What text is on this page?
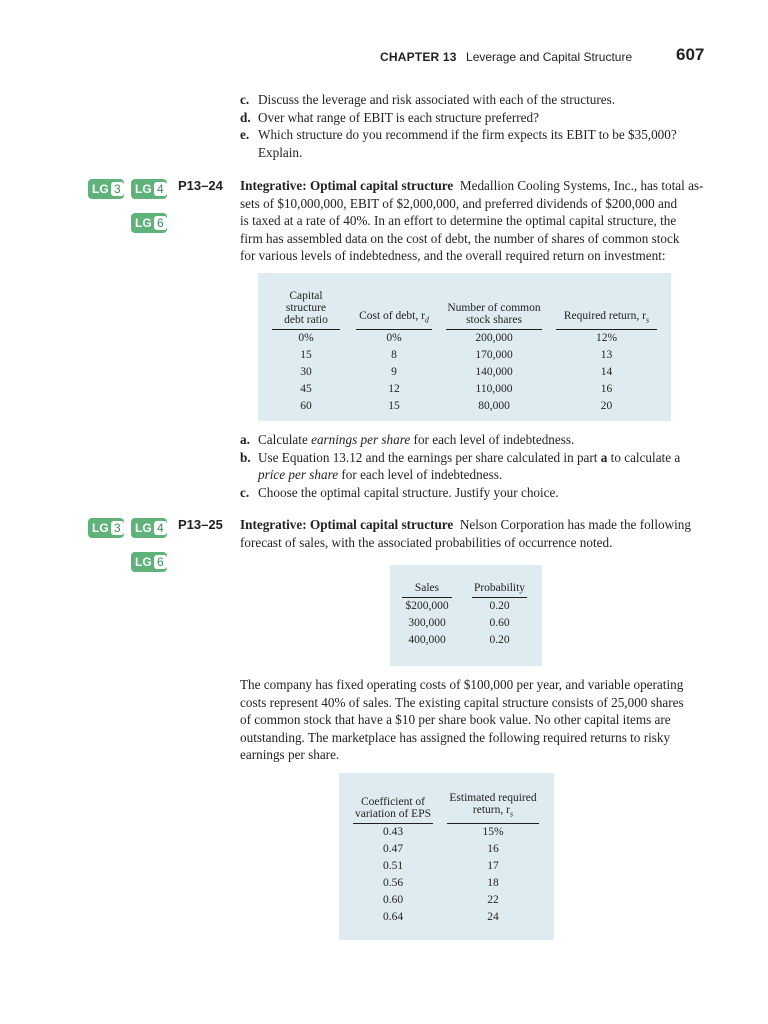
CHAPTER 13 Leverage and Capital Structure	607
c. Discuss the leverage and risk associated with each of the structures.
d. Over what range of EBIT is each structure preferred?
e. Which structure do you recommend if the firm expects its EBIT to be $35,000?
Explain.
LG 3 LG 4
LG 6
P13–24 Integrative: Optimal capital structure Medallion Cooling Systems, Inc., has total as-
sets of $10,000,000, EBIT of $2,000,000, and preferred dividends of $200,000 and
is taxed at a rate of 40%. In an effort to determine the optimal capital structure, the
firm has assembled data on the cost of debt, the number of shares of common stock
for various levels of indebtedness, and the overall required return on investment:
Capital structure
debt ratio		Cost of debt, $r_d$		Number of common
stock shares		Required return, $r_s$
0%		0%		200,000		12%
15		8		170,000		13
30		9		140,000		14
45		12		110,000		16
60		15		80,000		20
a. Calculate earnings per share for each level of indebtedness.
b. Use Equation 13.12 and the earnings per share calculated in part a to calculate a
price per share for each level of indebtedness.
c. Choose the optimal capital structure. Justify your choice.
LG 3 LG 4
LG 6
P13–25 Integrative: Optimal capital structure Nelson Corporation has made the following
forecast of sales, with the associated probabilities of occurrence noted.
Sales		Probability
$200,000		0.20
300,000		0.60
400,000		0.20
The company has fixed operating costs of $100,000 per year, and variable operating
costs represent 40% of sales. The existing capital structure consists of 25,000 shares
of common stock that have a $10 per share book value. No other capital items are
outstanding. The marketplace has assigned the following required returns to risky
earnings per share.
Coefficient of
variation of EPS		Estimated required
return, $r_s$
0.43		15%
0.47		16
0.51		17
0.56		18
0.60		22
0.64		24
